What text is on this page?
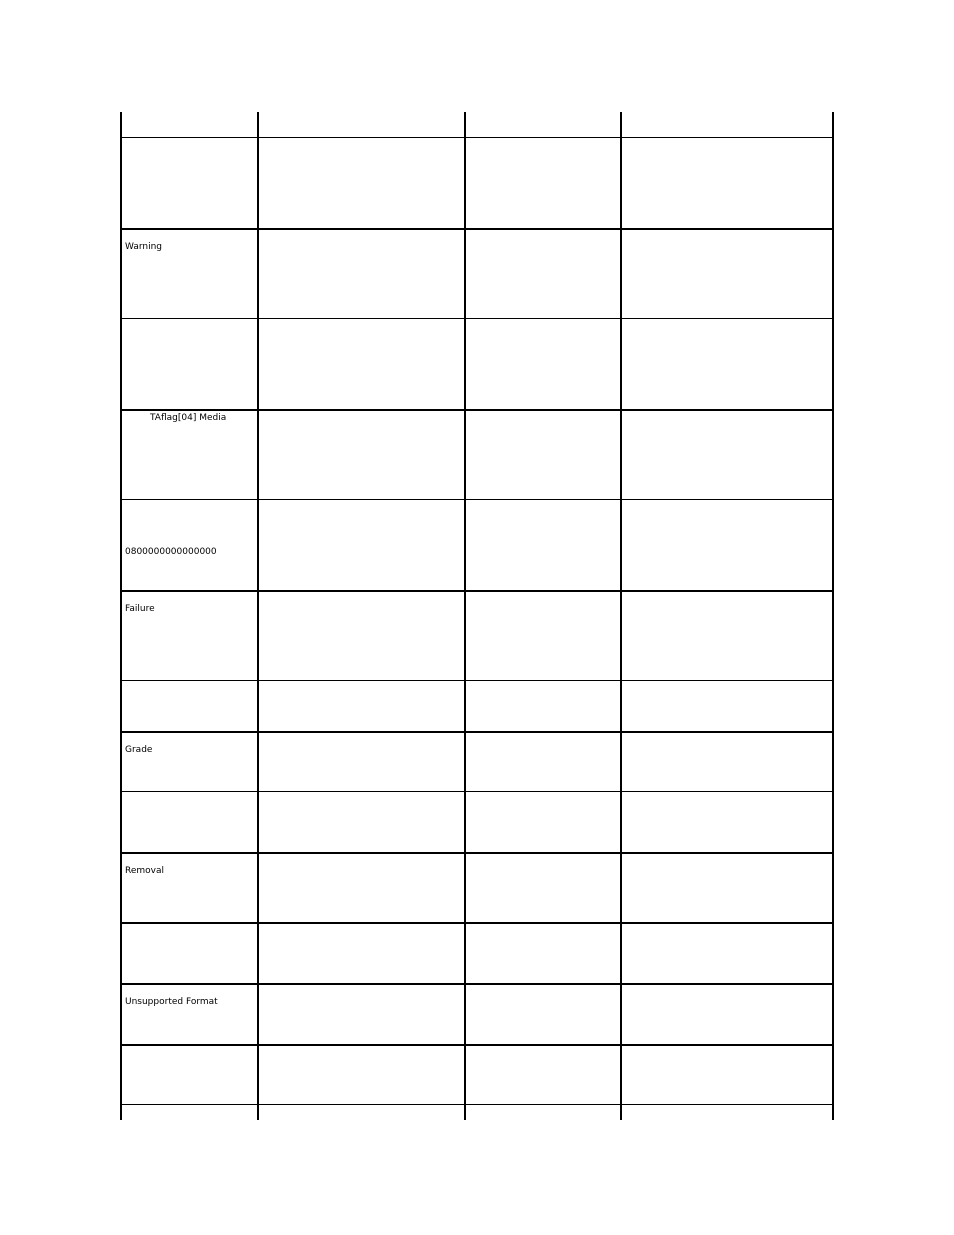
Warning
TAflag[04] Media
0800000000000000
Failure
Grade
Removal
Unsupported Format
